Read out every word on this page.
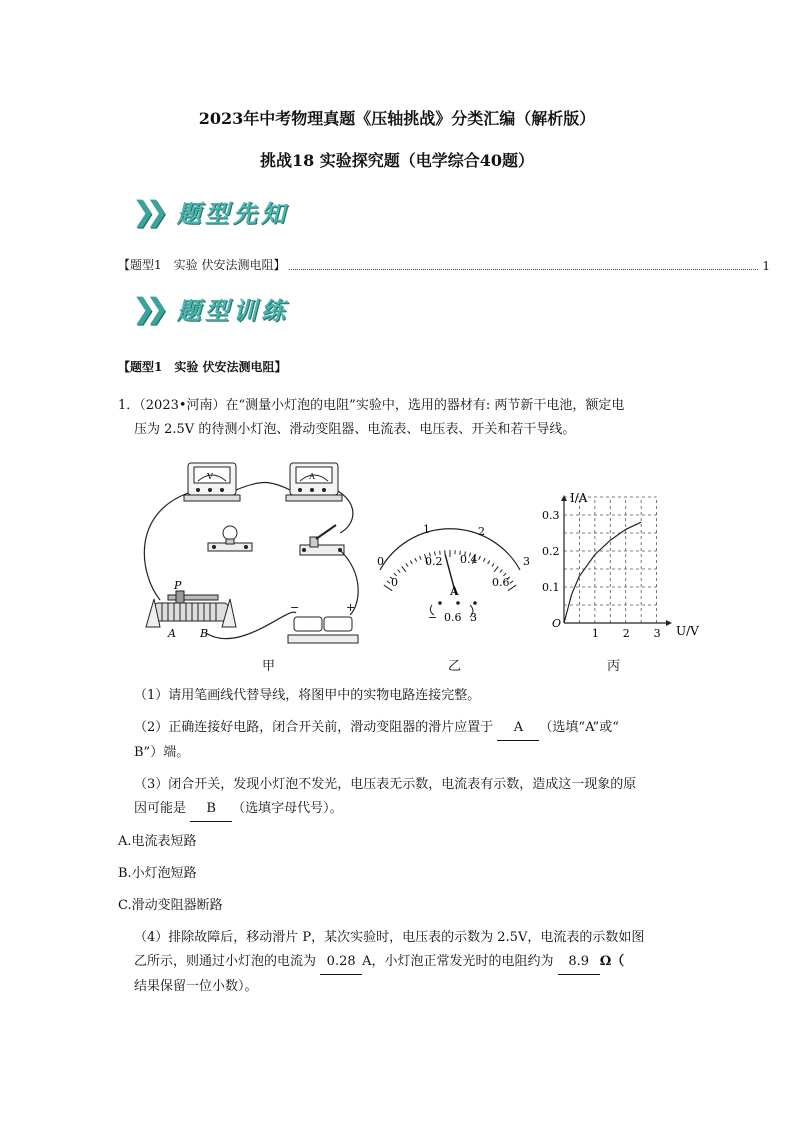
2023年中考物理真题《压轴挑战》分类汇编（解析版）
挑战18 实验探究题（电学综合40题）
❯❯ 题型先知
【题型1　实验 伏安法测电阻】	1
❯❯ 题型训练
【题型1　实验 伏安法测电阻】
1．（2023•河南）在“测量小灯泡的电阻”实验中，选用的器材有: 两节新干电池，额定电
压为 2.5V 的待测小灯泡、滑动变阻器、电流表、电压表、开关和若干导线。
V	A
P
A B
−	+
0
1	2
3
0
0.2 0.4
0.6
A
− 0.6 3
I/A
U/V
O
1 2 3
0.1
0.2
0.3
甲	乙	丙
（1）请用笔画线代替导线，将图甲中的实物电路连接完整。
（2）正确连接好电路，闭合开关前，滑动变阻器的滑片应置于 A （选填“A”或“
B”）端。
（3）闭合开关，发现小灯泡不发光，电压表无示数，电流表有示数，造成这一现象的原
因可能是 B （选填字母代号）。
A.电流表短路
B.小灯泡短路
C.滑动变阻器断路
（4）排除故障后，移动滑片 P，某次实验时，电压表的示数为 2.5V，电流表的示数如图
乙所示，则通过小灯泡的电流为 0.28 A，小灯泡正常发光时的电阻约为 8.9 Ω（
结果保留一位小数）。
